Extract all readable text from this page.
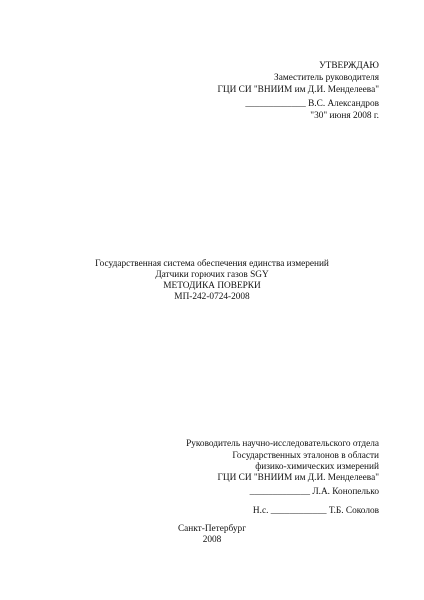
УТВЕРЖДАЮ
Заместитель руководителя
ГЦИ СИ "ВНИИМ им Д.И. Менделеева"
_____________ В.С. Александров
"30" июня 2008 г.
Государственная система обеспечения единства измерений
Датчики горючих газов SGY
МЕТОДИКА ПОВЕРКИ
МП-242-0724-2008
Руководитель научно-исследовательского отдела
Государственных эталонов в области
физико-химических измерений
ГЦИ СИ "ВНИИМ им Д.И. Менделеева"
_____________ Л.А. Конопелько
Н.с. ____________ Т.Б. Соколов
Санкт-Петербург
2008
